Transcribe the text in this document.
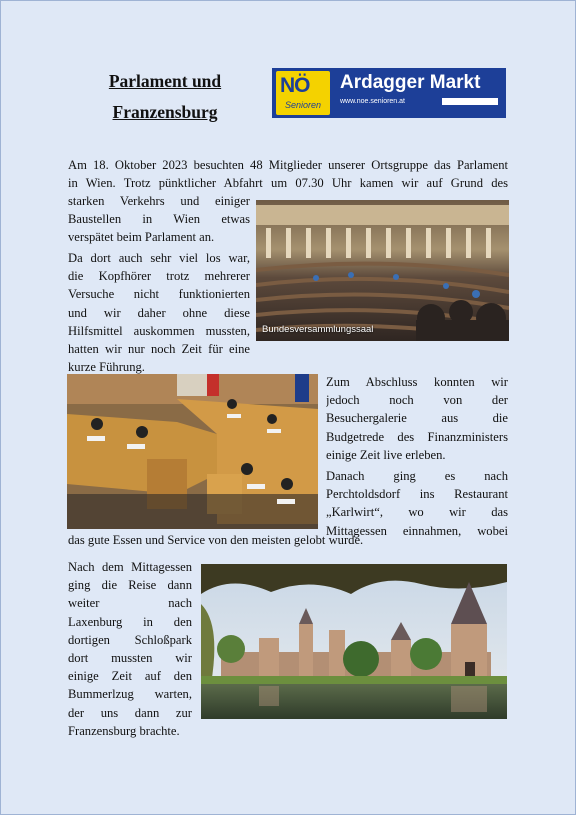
Parlament und
Franzensburg
NÖ
Senioren
Ardagger Markt
www.noe.senioren.at
Am 18. Oktober 2023 besuchten 48 Mitglieder unserer Ortsgruppe das Parlament
in Wien. Trotz pünktlicher Abfahrt um 07.30 Uhr kamen wir auf Grund des
starken Verkehrs und einiger
Baustellen in Wien etwas
verspätet beim Parlament an.
Da dort auch sehr viel los war,
die Kopfhörer trotz mehrerer
Versuche nicht funktionierten
und wir daher ohne diese
Hilfsmittel auskommen mussten,
hatten wir nur noch Zeit für eine
kurze Führung.
Bundesversammlungssaal
Zum Abschluss konnten wir
jedoch noch von der
Besuchergalerie aus die
Budgetrede des Finanzministers
einige Zeit live erleben.
Danach ging es nach
Perchtoldsdorf ins Restaurant
„Karlwirt“, wo wir das
Mittagessen einnahmen, wobei
das gute Essen und Service von den meisten gelobt wurde.
Nach dem Mittagessen
ging die Reise dann
weiter nach
Laxenburg in den
dortigen Schloßpark
dort mussten wir
einige Zeit auf den
Bummerlzug warten,
der uns dann zur
Franzensburg brachte.
